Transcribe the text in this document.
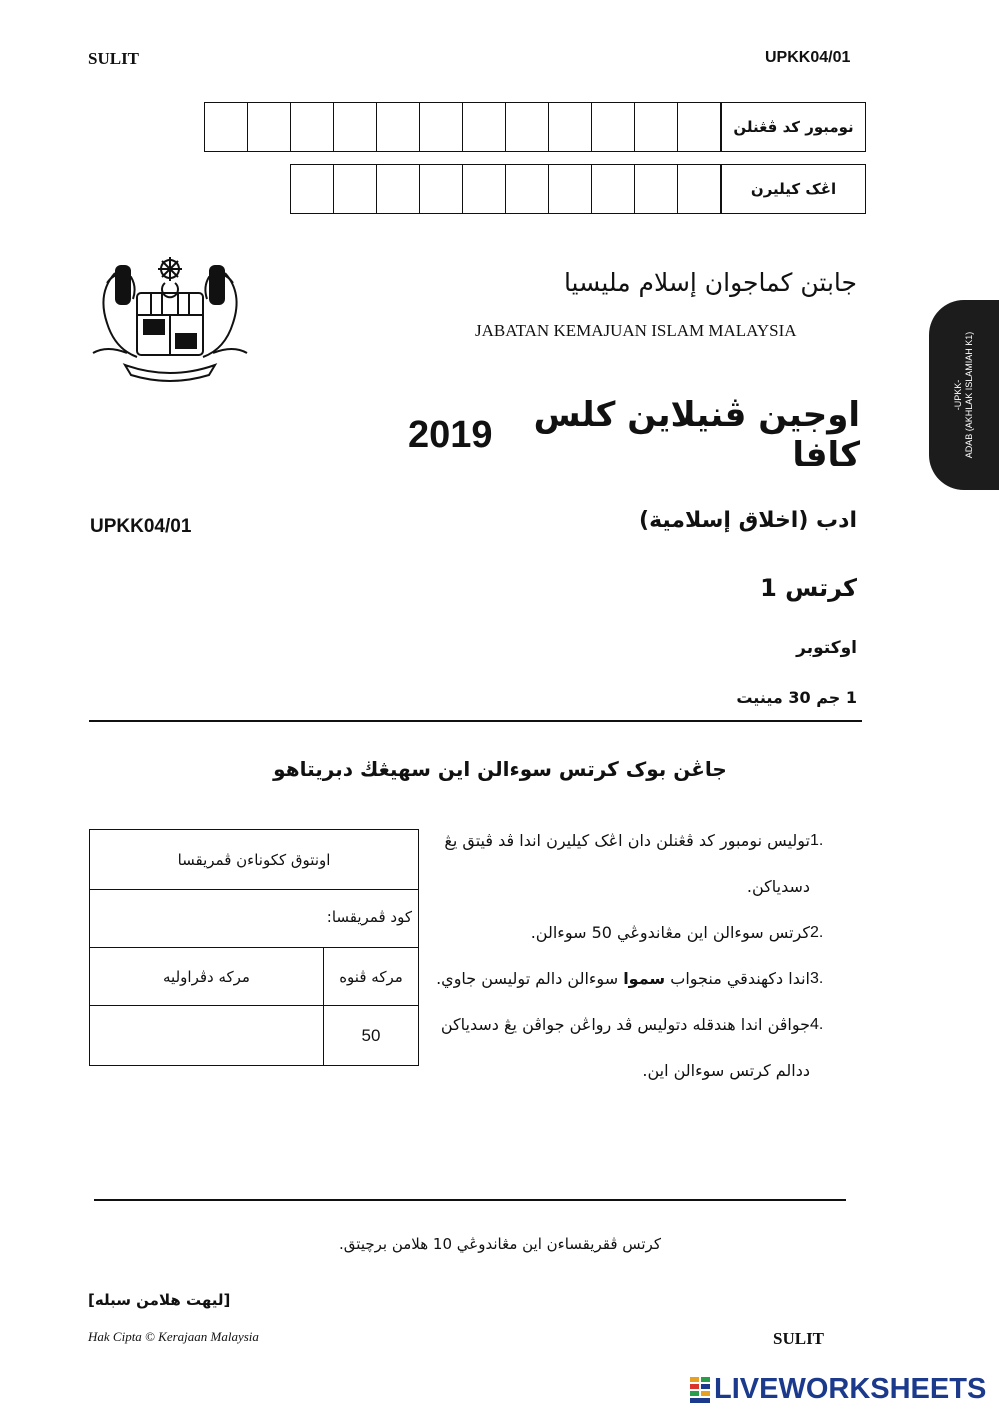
SULIT	UPKK04/01
نومبور كد ڤڠنلن
اڠک کيليرن
جابتن كماجوان إسلام مليسيا
JABATAN KEMAJUAN ISLAM MALAYSIA
2019	اوجين ڤنيلاين كلس كافا
-UPKK- ADAB (AKHLAK ISLAMIAH K1)
UPKK04/01	ادب (اخلاق إسلامية)
كرتس 1
اوكتوبر
1 جم 30 مينيت
جاڠن بوک كرتس سوءالن اين سهيڠڬ دبريتاهو
اونتوق ككوناءن ڤمريقسا	
کود ڤمريقسا:	
مرکه دڤراوليه	مرکه ڤنوه
	50
1.
توليس نومبور كد ڤڠنلن دان اڠک کيليرن اندا ڤد ڤيتق يڠ دسدياكن.
2.
كرتس سوءالن اين مڠاندوڠي 50 سوءالن.
3.
اندا دكهندقي منجواب سموا سوءالن دالم توليسن جاوي.
4.
جواڤن اندا هندقله دتوليس ڤد رواڠن جواڤن يڠ دسدياكن ددالم كرتس سوءالن اين.
كرتس ڤقريقساءن اين مڠاندوڠي 10 هلامن برچيتق.
[ليهت هلامن سبله]
Hak Cipta © Kerajaan Malaysia	SULIT
LIVEWORKSHEETS
